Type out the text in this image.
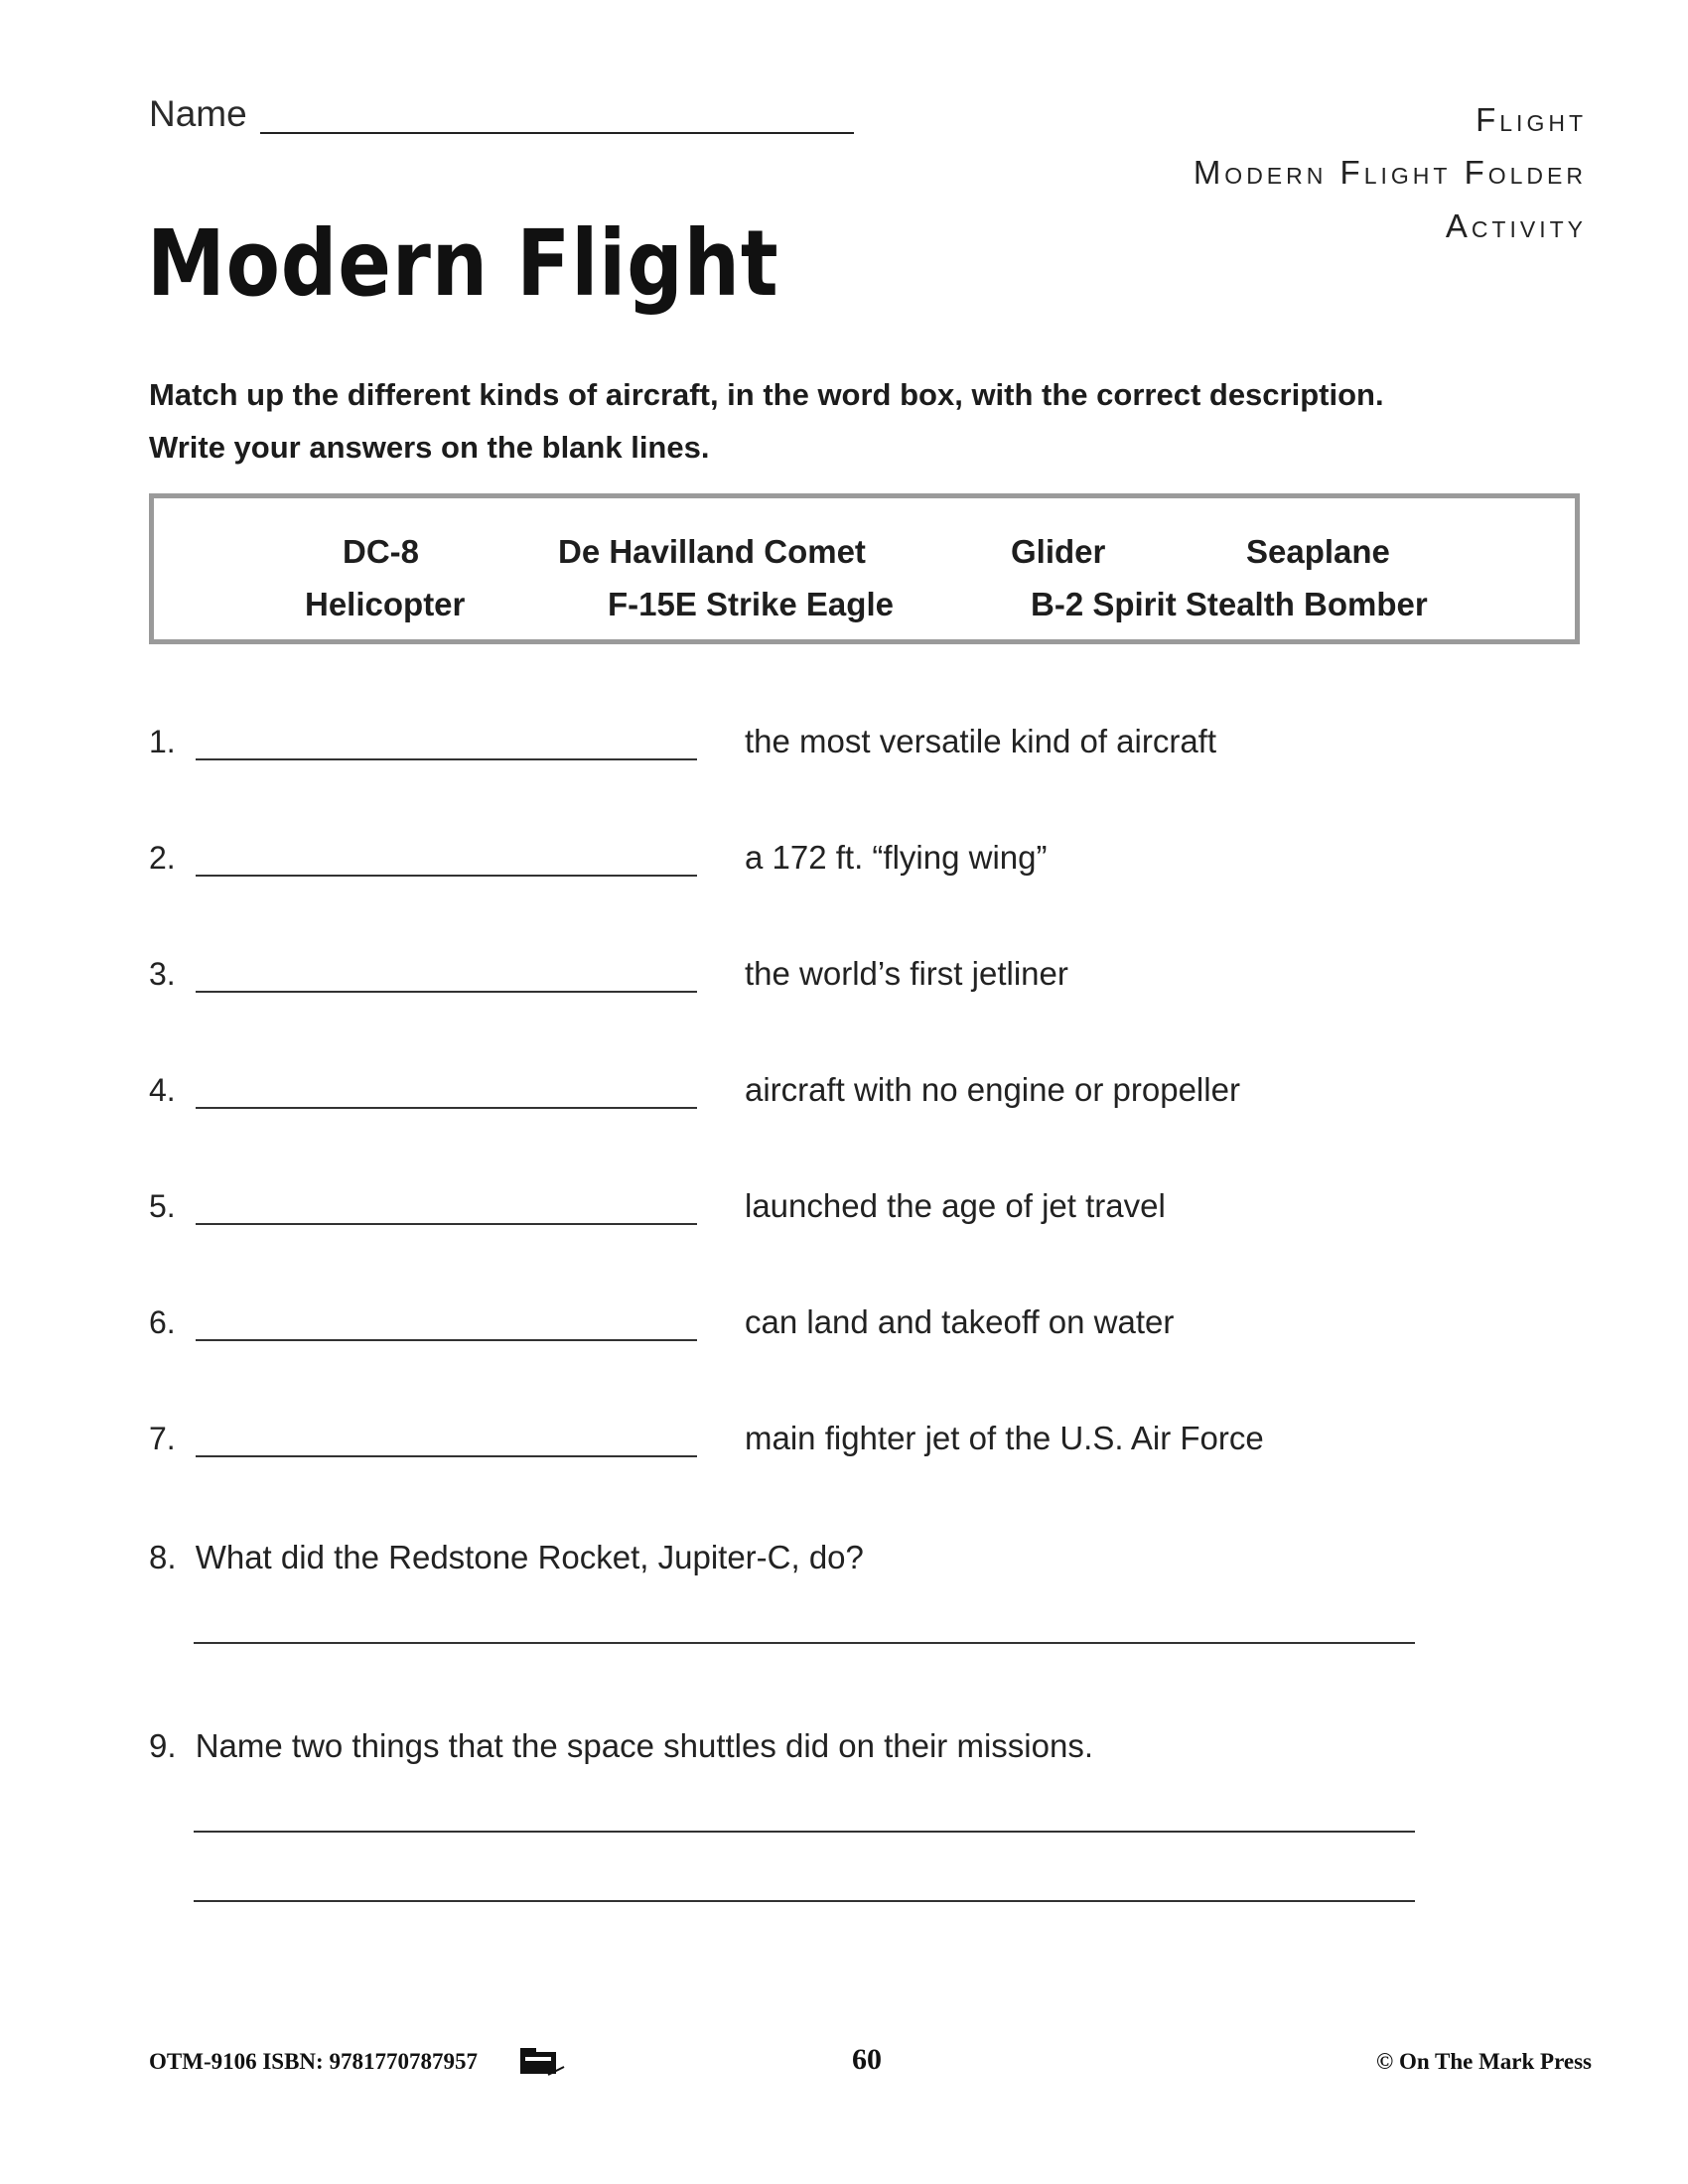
Name	Flight
Modern Flight Folder
Activity
Modern Flight
Match up the different kinds of aircraft, in the word box, with the correct description.
Write your answers on the blank lines.
DC-8	De Havilland Comet	Glider	Seaplane
Helicopter	F-15E Strike Eagle	B-2 Spirit Stealth Bomber
1.	the most versatile kind of aircraft
2.	a 172 ft. “flying wing”
3.	the world’s first jetliner
4.	aircraft with no engine or propeller
5.	launched the age of jet travel
6.	can land and takeoff on water
7.	main fighter jet of the U.S. Air Force
8. What did the Redstone Rocket, Jupiter-C, do?
9. Name two things that the space shuttles did on their missions.
OTM-9106 ISBN: 9781770787957	60	© On The Mark Press
